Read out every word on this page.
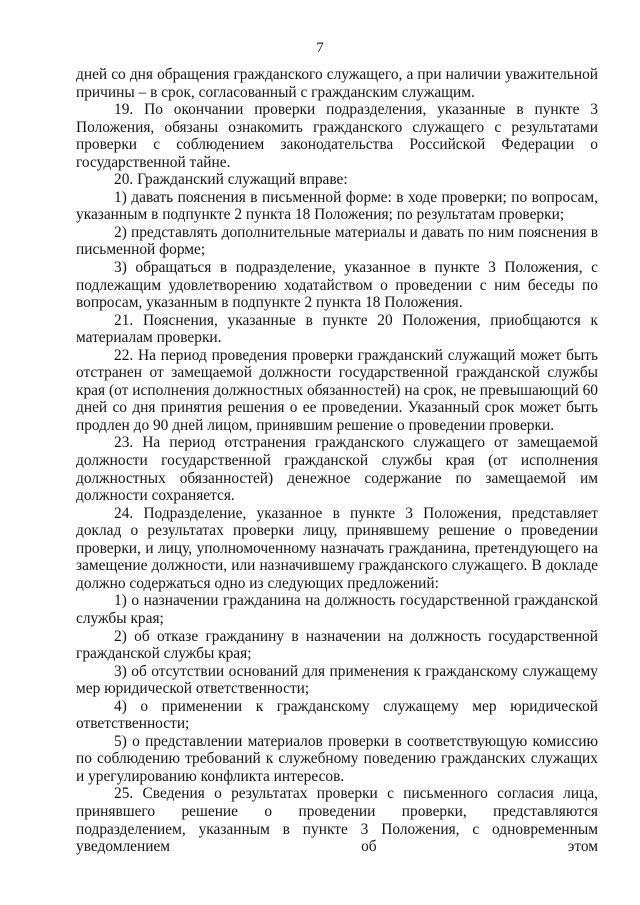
7

дней со дня обращения гражданского служащего, а при наличии уважительной причины – в срок, согласованный с гражданским служащим.

19. По окончании проверки подразделения, указанные в пункте 3 Положения, обязаны ознакомить гражданского служащего с результатами проверки с соблюдением законодательства Российской Федерации о государственной тайне.

20. Гражданский служащий вправе:

1) давать пояснения в письменной форме: в ходе проверки; по вопросам, указанным в подпункте 2 пункта 18 Положения; по результатам проверки;

2) представлять дополнительные материалы и давать по ним пояснения в письменной форме;

3) обращаться в подразделение, указанное в пункте 3 Положения, с подлежащим удовлетворению ходатайством о проведении с ним беседы по вопросам, указанным в подпункте 2 пункта 18 Положения.

21. Пояснения, указанные в пункте 20 Положения, приобщаются к материалам проверки.

22. На период проведения проверки гражданский служащий может быть отстранен от замещаемой должности государственной гражданской службы края (от исполнения должностных обязанностей) на срок, не превышающий 60 дней со дня принятия решения о ее проведении. Указанный срок может быть продлен до 90 дней лицом, принявшим решение о проведении проверки.

23. На период отстранения гражданского служащего от замещаемой должности государственной гражданской службы края (от исполнения должностных обязанностей) денежное содержание по замещаемой им должности сохраняется.

24. Подразделение, указанное в пункте 3 Положения, представляет доклад о результатах проверки лицу, принявшему решение о проведении проверки, и лицу, уполномоченному назначать гражданина, претендующего на замещение должности, или назначившему гражданского служащего. В докладе должно содержаться одно из следующих предложений:

1) о назначении гражданина на должность государственной гражданской службы края;

2) об отказе гражданину в назначении на должность государственной гражданской службы края;

3) об отсутствии оснований для применения к гражданскому служащему мер юридической ответственности;

4) о применении к гражданскому служащему мер юридической ответственности;

5) о представлении материалов проверки в соответствующую комиссию по соблюдению требований к служебному поведению гражданских служащих и урегулированию конфликта интересов.

25. Сведения о результатах проверки с письменного согласия лица, принявшего решение о проведении проверки, представляются подразделением, указанным в пункте 3 Положения, с одновременным уведомлением об этом
